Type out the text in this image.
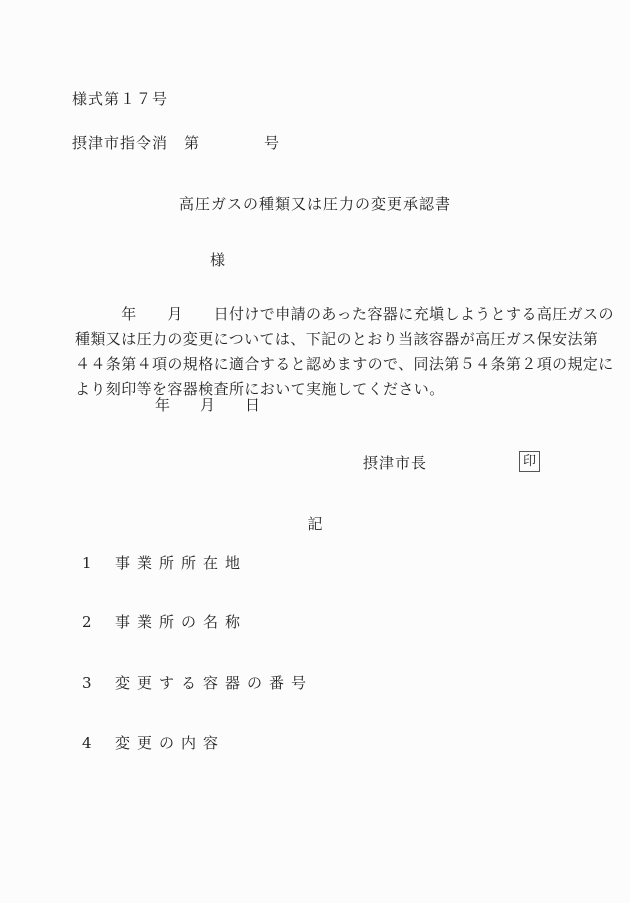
様式第１７号
摂津市指令消　第　　　　号
高圧ガスの種類又は圧力の変更承認書
様
　　　年　　月　　日付けで申請のあった容器に充塡しようとする高圧ガスの
種類又は圧力の変更については、下記のとおり当該容器が高圧ガス保安法第
４４条第４項の規格に適合すると認めますので、同法第５４条第２項の規定に
より刻印等を容器検査所において実施してください。
年　　月　　日
摂津市長	印
記
1 事業所所在地
2 事業所の名称
3 変更する容器の番号
4 変更の内容
